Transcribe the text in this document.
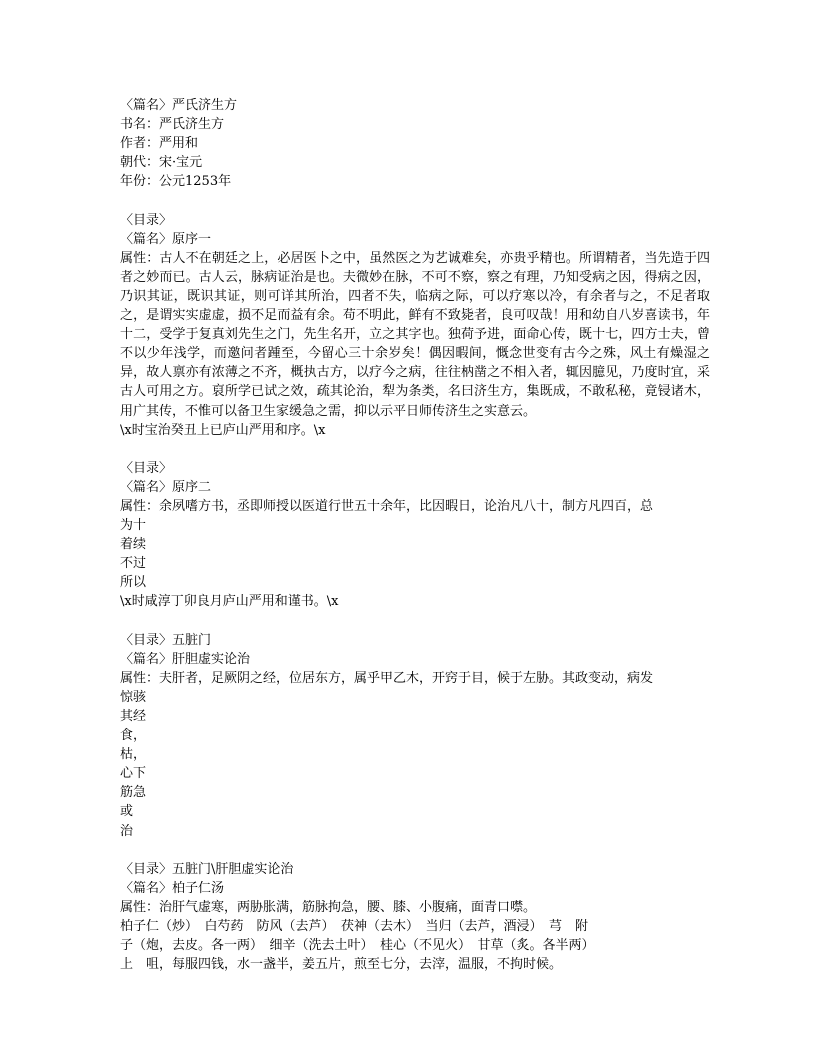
〈篇名〉严氏济生方
书名：严氏济生方
作者：严用和
朝代：宋·宝元
年份：公元1253年
〈目录〉
〈篇名〉原序一
属性：古人不在朝廷之上，必居医卜之中，虽然医之为艺诚难矣，亦贵乎精也。所谓精者，当先造于四者之妙而已。古人云，脉病证治是也。夫微妙在脉，不可不察，察之有理，乃知受病之因，得病之因，乃识其证，既识其证，则可详其所治，四者不失，临病之际，可以疗寒以冷，有余者与之，不足者取之，是谓实实虚虚，损不足而益有余。苟不明此，鲜有不致毙者，良可叹哉！用和幼自八岁喜读书，年十二，受学于复真刘先生之门，先生名开，立之其字也。独荷予进，面命心传，既十七，四方士夫，曾不以少年浅学，而邀问者踵至，今留心三十余岁矣！偶因暇间，慨念世变有古今之殊，风土有燥湿之异，故人禀亦有浓薄之不齐，概执古方，以疗今之病，往往枘凿之不相入者，辄因臆见，乃度时宜，采古人可用之方。裒所学已试之效，疏其论治，犁为条类，名曰济生方，集既成，不敢私秘，竟锓诸木，用广其传，不惟可以备卫生家缓急之需，抑以示平日师传济生之实意云。
\x时宝治癸丑上已庐山严用和序。\x
〈目录〉
〈篇名〉原序二
属性：余夙嗜方书，丞即师授以医道行世五十余年，比因暇日，论治凡八十，制方凡四百，总
为十
着续
不过
所以
\x时咸淳丁卯良月庐山严用和谨书。\x
〈目录〉五脏门
〈篇名〉肝胆虚实论治
属性：夫肝者，足厥阴之经，位居东方，属乎甲乙木，开窍于目，候于左胁。其政变动，病发
惊骇
其经
食，
枯，
心下
筋急
或
治
〈目录〉五脏门\肝胆虚实论治
〈篇名〉柏子仁汤
属性：治肝气虚寒，两胁胀满，筋脉拘急，腰、膝、小腹痛，面青口噤。
柏子仁（炒）　白芍药　防风（去芦）　茯神（去木）　当归（去芦，酒浸）　芎　附
子（炮，去皮。各一两）　细辛（洗去土叶）　桂心（不见火）　甘草（炙。各半两）
上　咀，每服四钱，水一盏半，姜五片，煎至七分，去滓，温服，不拘时候。
